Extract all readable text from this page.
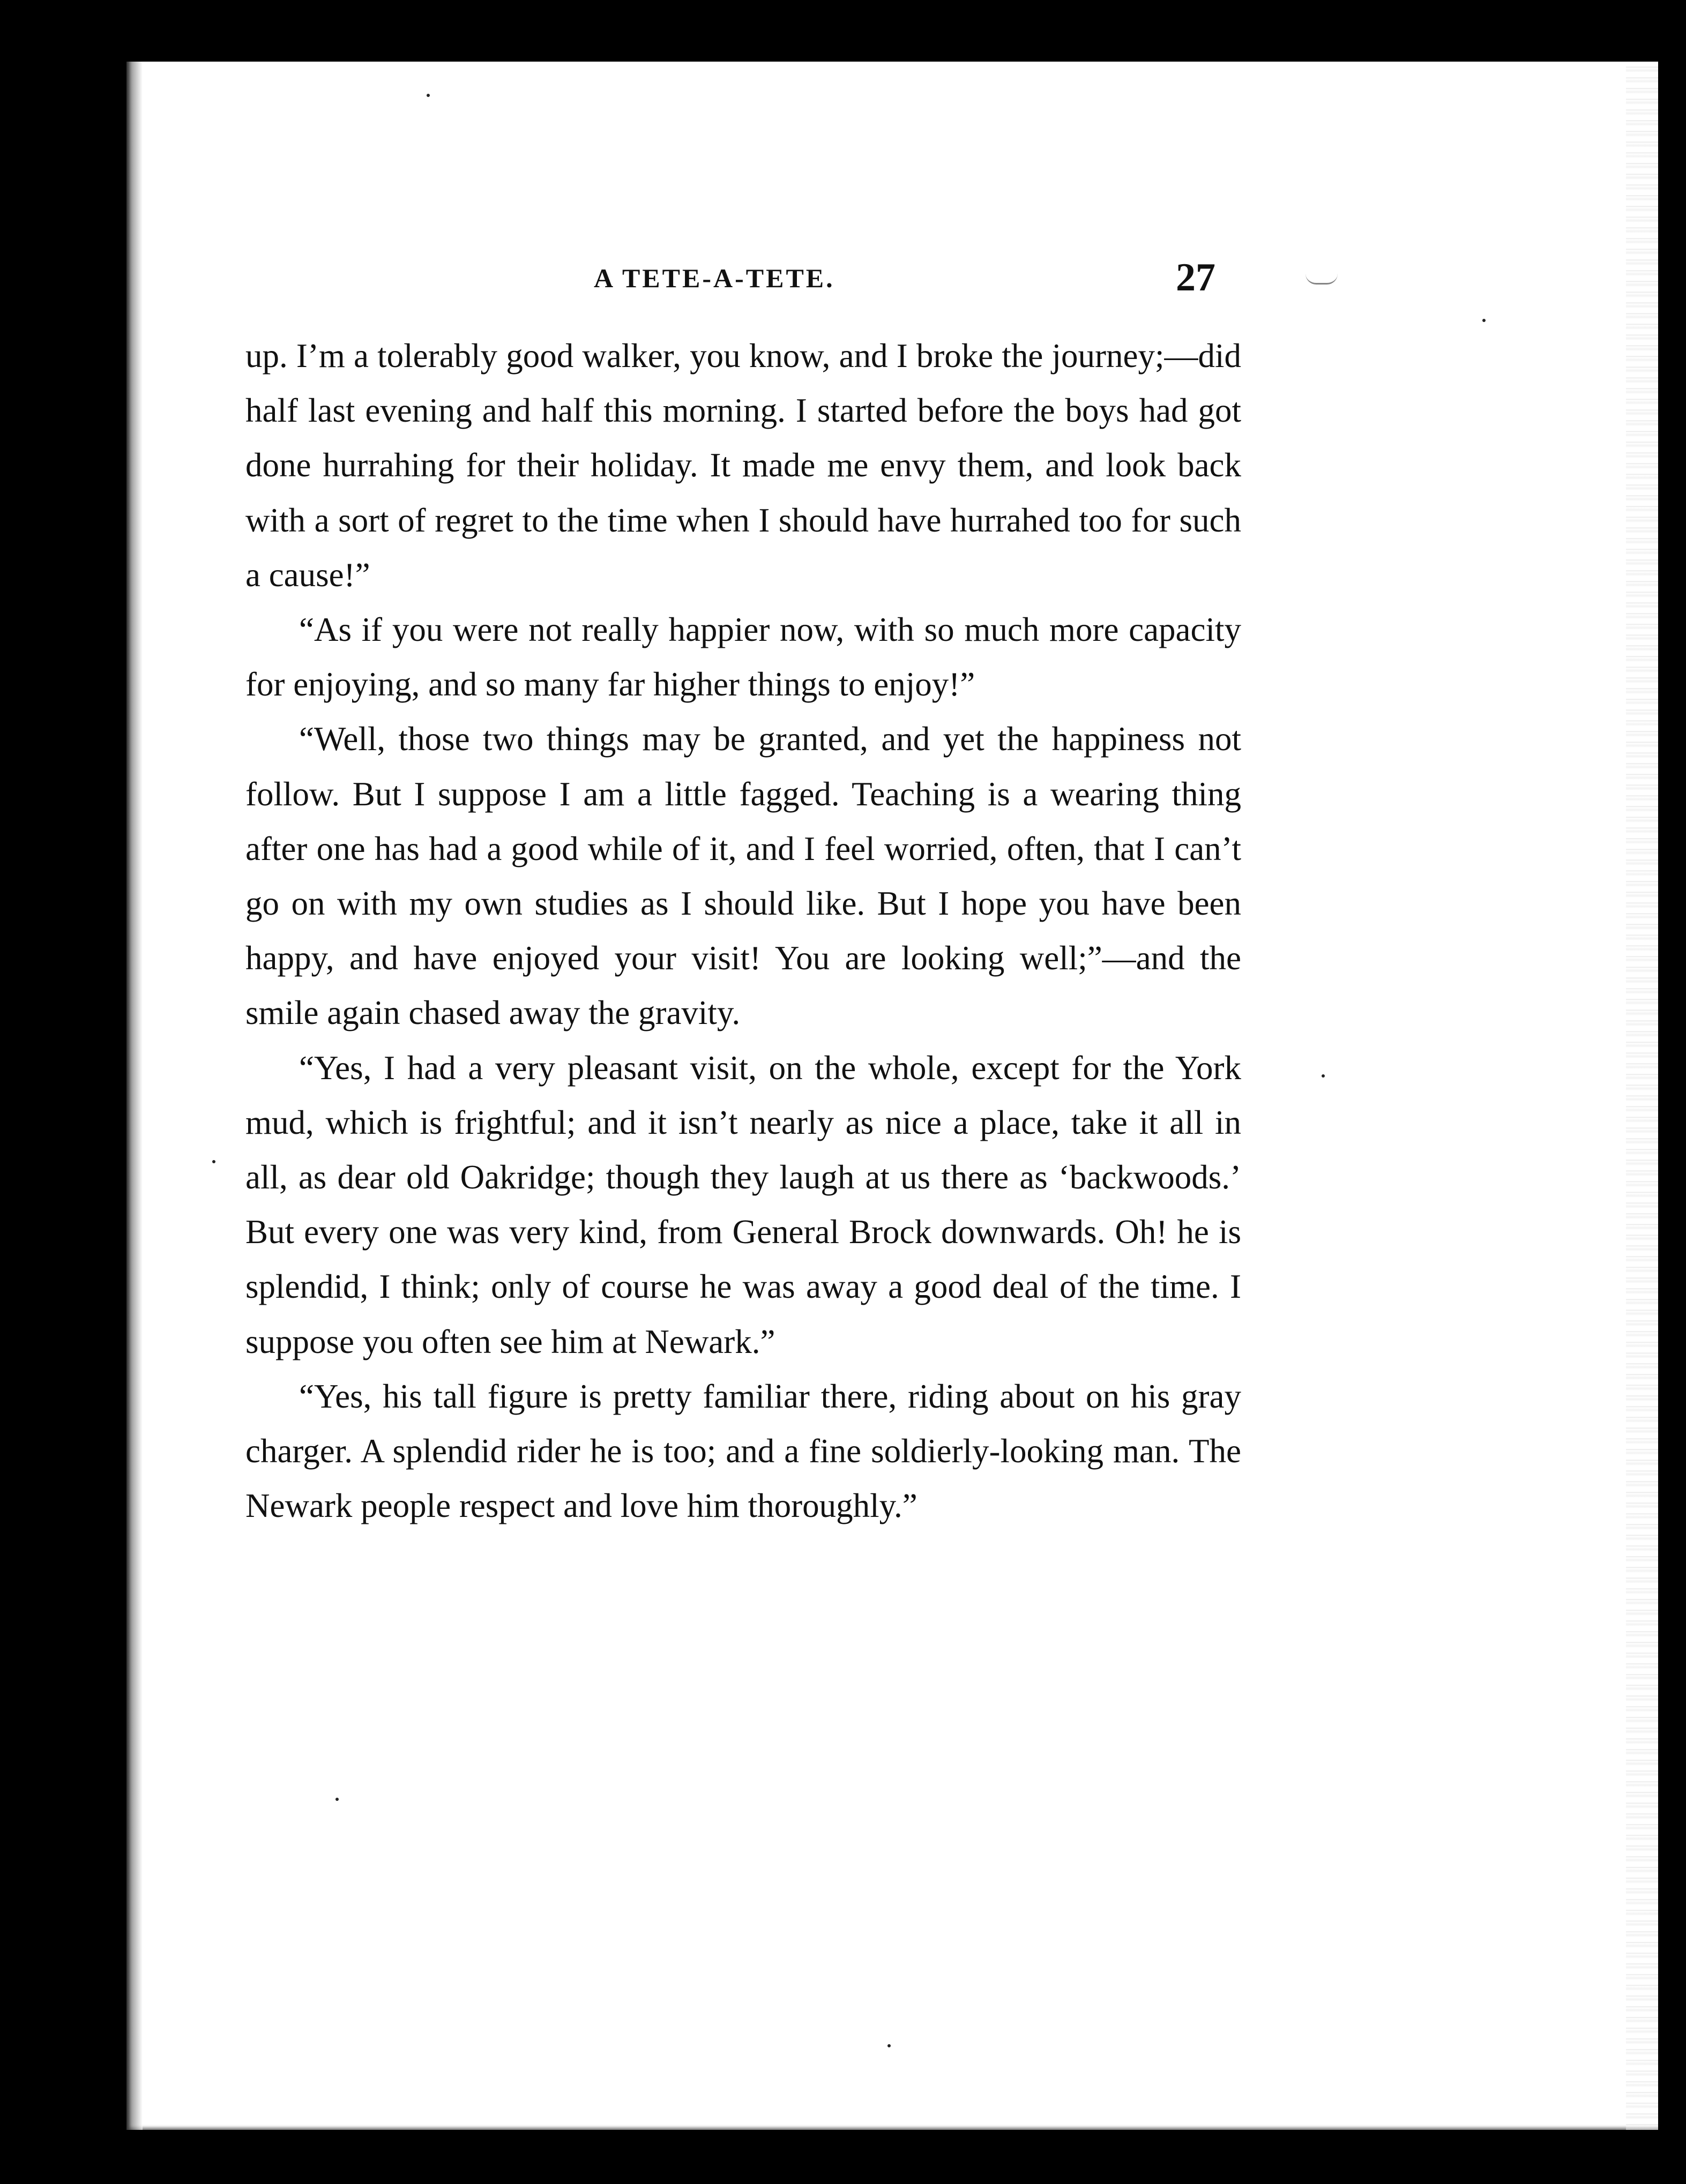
A TETE-A-TETE.	27

up. I’m a tolerably good walker, you know, and I broke the journey;—did half last evening and half this morning. I started before the boys had got done hurrahing for their holiday. It made me envy them, and look back with a sort of regret to the time when I should have hurrahed too for such a cause!”

“As if you were not really happier now, with so much more capacity for enjoying, and so many far higher things to enjoy!”

“Well, those two things may be granted, and yet the happiness not follow. But I suppose I am a little fagged. Teaching is a wearing thing after one has had a good while of it, and I feel worried, often, that I can’t go on with my own studies as I should like. But I hope you have been happy, and have enjoyed your visit! You are looking well;”—and the smile again chased away the gravity.

“Yes, I had a very pleasant visit, on the whole, except for the York mud, which is frightful; and it isn’t nearly as nice a place, take it all in all, as dear old Oakridge; though they laugh at us there as ‘backwoods.’ But every one was very kind, from General Brock downwards. Oh! he is splendid, I think; only of course he was away a good deal of the time. I suppose you often see him at Newark.”

“Yes, his tall figure is pretty familiar there, riding about on his gray charger. A splendid rider he is too; and a fine soldierly-looking man. The Newark people respect and love him thoroughly.”
